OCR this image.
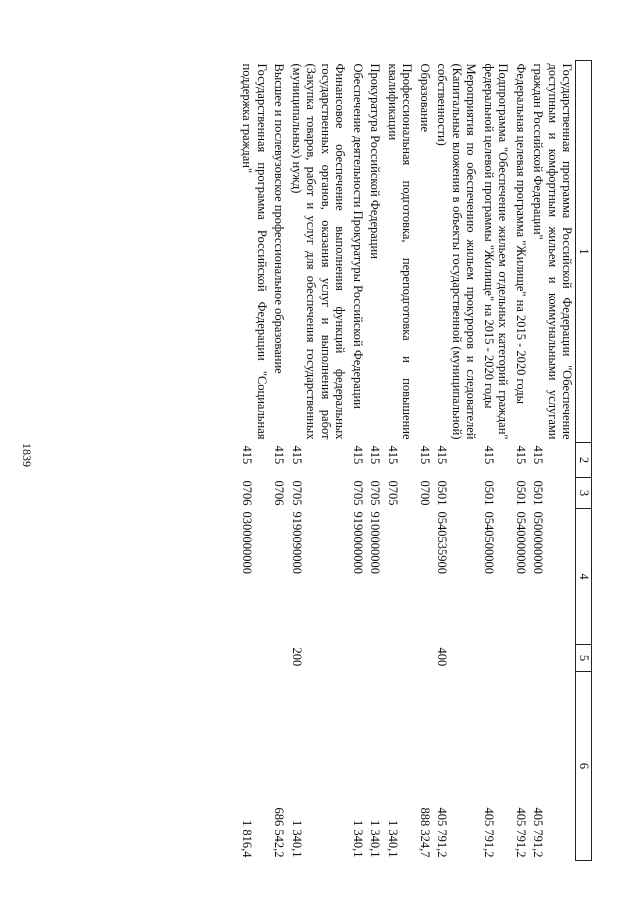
1839
1	2	3	4	5	6
Государственная программа Российской Федерации "Обеспечение доступным и комфортным жильем и коммунальными услугами граждан Российской Федерации"	415	0501	0500000000		405 791,2
Федеральная целевая программа "Жилище" на 2015 - 2020 годы	415	0501	0540000000		405 791,2
Подпрограмма "Обеспечение жильем отдельных категорий граждан" федеральной целевой программы "Жилище" на 2015 - 2020 годы	415	0501	0540500000		405 791,2
Мероприятия по обеспечению жильем прокуроров и следователей (Капитальные вложения в объекты государственной (муниципальной) собственности)	415	0501	0540535900	400	405 791,2
Образование	415	0700			888 324,7
Профессиональная подготовка, переподготовка и повышение квалификации	415	0705			1 340,1
Прокуратура Российской Федерации	415	0705	9100000000		1 340,1
Обеспечение деятельности Прокуратуры Российской Федерации	415	0705	9190000000		1 340,1
Финансовое обеспечение выполнения функций федеральных государственных органов, оказания услуг и выполнения работ (Закупка товаров, работ и услуг для обеспечения государственных (муниципальных) нужд)	415	0705	9190090000	200	1 340,1
Высшее и послевузовское профессиональное образование	415	0706			686 542,2
Государственная программа Российской Федерации "Социальная поддержка граждан"	415	0706	0300000000		1 816,4
